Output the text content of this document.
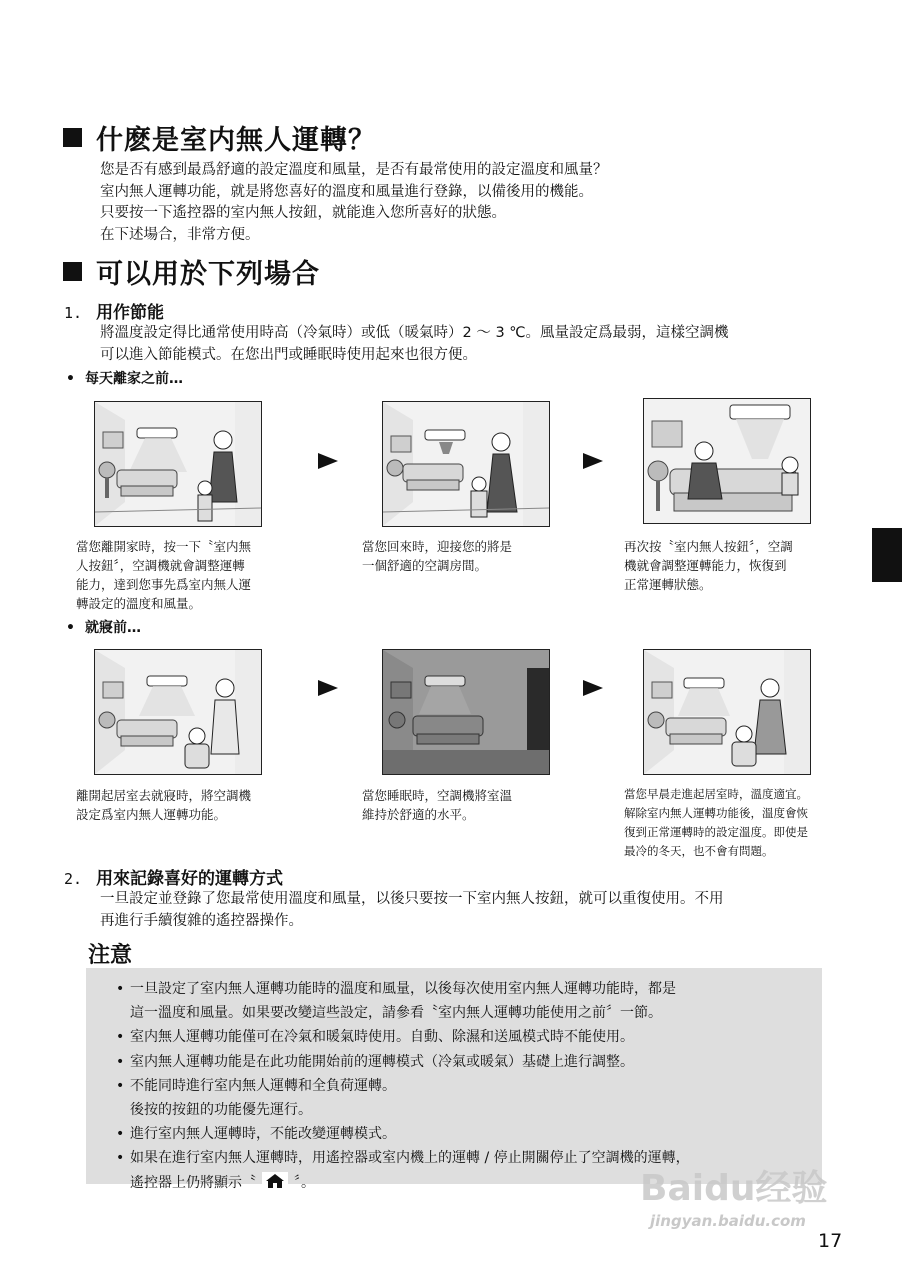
什麽是室内無人運轉？
您是否有感到最爲舒適的設定溫度和風量，是否有最常使用的設定溫度和風量？
室内無人運轉功能，就是將您喜好的溫度和風量進行登錄，以備後用的機能。
只要按一下遙控器的室内無人按鈕，就能進入您所喜好的狀態。
在下述場合，非常方便。
可以用於下列場合
1. 用作節能
將溫度設定得比通常使用時高（冷氣時）或低（暖氣時）2 ～ 3 ℃。風量設定爲最弱，這樣空調機
可以進入節能模式。在您出門或睡眠時使用起來也很方便。
• 每天離家之前…
當您離開家時，按一下〝室内無
人按鈕〞，空調機就會調整運轉
能力，達到您事先爲室内無人運
轉設定的溫度和風量。
當您回來時，迎接您的將是
一個舒適的空調房間。
再次按〝室内無人按鈕〞，空調
機就會調整運轉能力，恢復到
正常運轉狀態。
• 就寢前…
離開起居室去就寢時，將空調機
設定爲室内無人運轉功能。
當您睡眠時，空調機將室溫
維持於舒適的水平。
當您早晨走進起居室時，溫度適宜。
解除室内無人運轉功能後，溫度會恢
復到正常運轉時的設定溫度。即使是
最冷的冬天，也不會有問題。
2. 用來記錄喜好的運轉方式
一旦設定並登錄了您最常使用溫度和風量，以後只要按一下室内無人按鈕，就可以重復使用。不用
再進行手續復雜的遙控器操作。
注意
• 一旦設定了室内無人運轉功能時的溫度和風量，以後每次使用室内無人運轉功能時，都是
這一溫度和風量。如果要改變這些設定，請參看〝室内無人運轉功能使用之前〞一節。
• 室内無人運轉功能僅可在冷氣和暖氣時使用。自動、除濕和送風模式時不能使用。
• 室内無人運轉功能是在此功能開始前的運轉模式（冷氣或暖氣）基礎上進行調整。
• 不能同時進行室内無人運轉和全負荷運轉。
後按的按鈕的功能優先運行。
• 進行室内無人運轉時，不能改變運轉模式。
• 如果在進行室内無人運轉時，用遙控器或室内機上的運轉 / 停止開關停止了空調機的運轉，
遙控器上仍將顯示〝	〞。	Baidu经验
jingyan.baidu.com
17
